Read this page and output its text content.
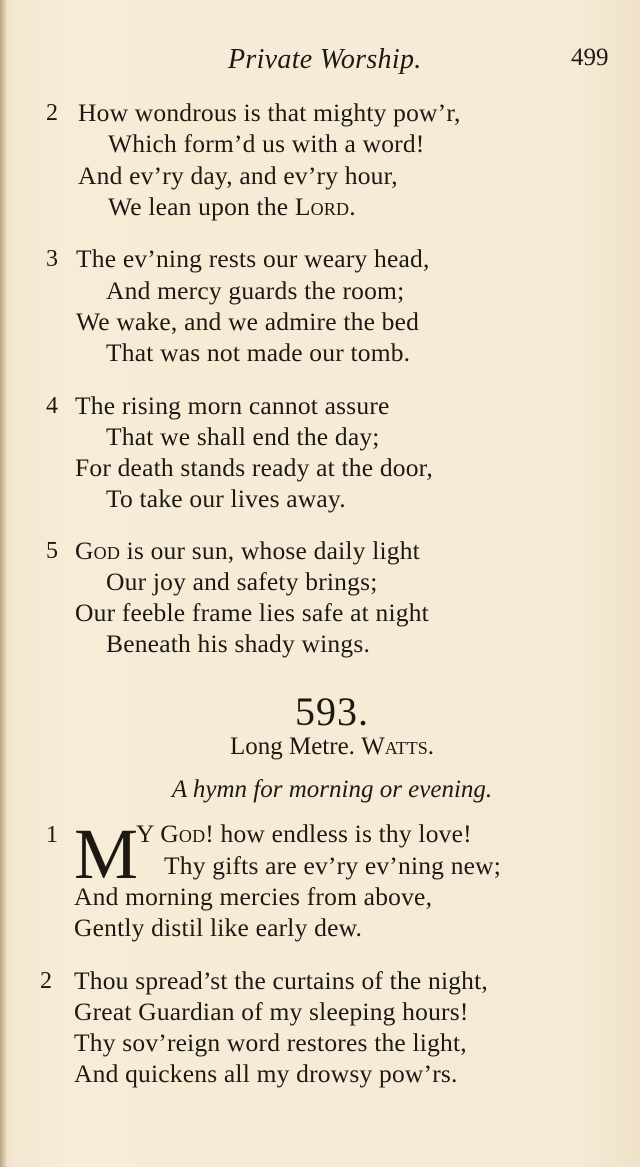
Private Worship.	499
2 How wondrous is that mighty pow’r,
Which form’d us with a word!
And ev’ry day, and ev’ry hour,
We lean upon the Lord.
3 The ev’ning rests our weary head,
And mercy guards the room;
We wake, and we admire the bed
That was not made our tomb.
4 The rising morn cannot assure
That we shall end the day;
For death stands ready at the door,
To take our lives away.
5 God is our sun, whose daily light
Our joy and safety brings;
Our feeble frame lies safe at night
Beneath his shady wings.
593.
Long Metre. Watts.
A hymn for morning or evening.
1 M
Y God! how endless is thy love!
Thy gifts are ev’ry ev’ning new;
And morning mercies from above,
Gently distil like early dew.
2 Thou spread’st the curtains of the night,
Great Guardian of my sleeping hours!
Thy sov’reign word restores the light,
And quickens all my drowsy pow’rs.
